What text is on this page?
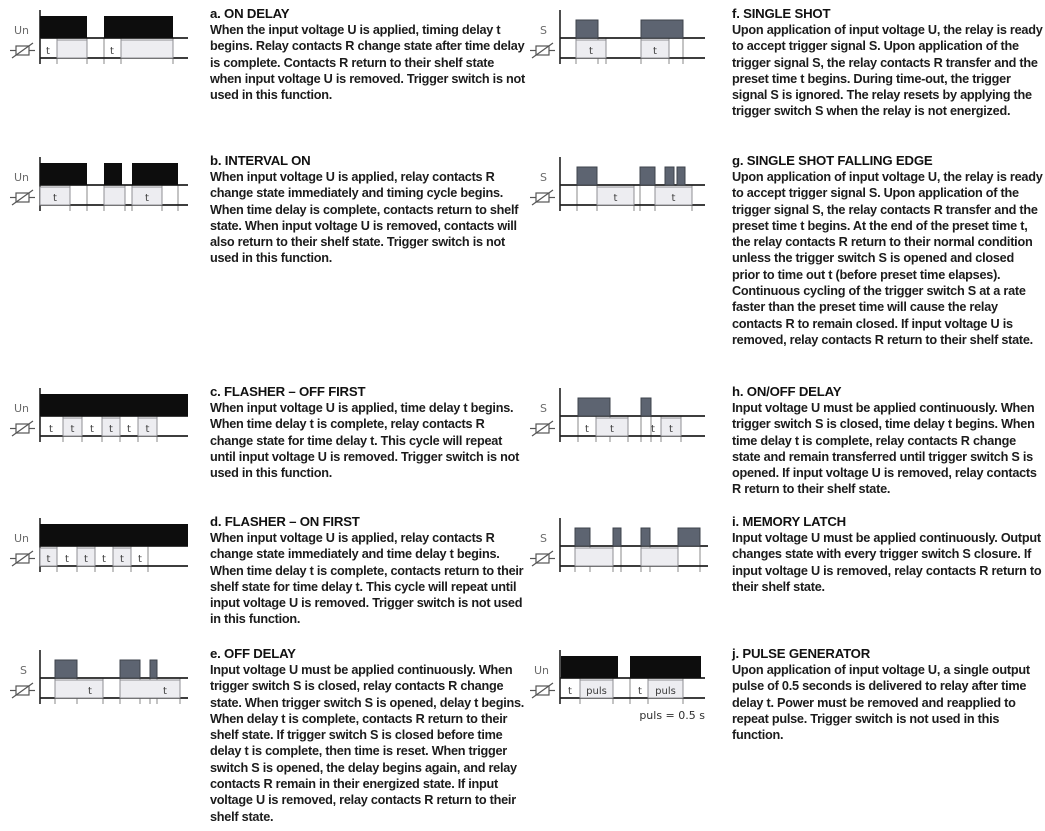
t	t
Un
a. ON DELAY

When the input voltage U is applied, timing delay t begins. Relay contacts R change state after time delay is complete. Contacts R return to their shelf state when input voltage U is removed. Trigger switch is not used in this function.

t	t
Un
b. INTERVAL ON

When input voltage U is applied, relay contacts R change state immediately and timing cycle begins. When time delay is complete, contacts return to shelf state. When input voltage U is removed, contacts will also return to their shelf state. Trigger switch is not used in this function.

t	t	t
t	t	t
Un
c. FLASHER – OFF FIRST

When input voltage U is applied, time delay t begins. When time delay t is complete, relay contacts R change state for time delay t. This cycle will repeat until input voltage U is removed. Trigger switch is not used in this function.

t	t	t
t	t	t
Un
d. FLASHER – ON FIRST

When input voltage U is applied, relay contacts R change state immediately and time delay t begins. When time delay t is complete, contacts return to their shelf state for time delay t. This cycle will repeat until input voltage U is removed. Trigger switch is not used in this function.

t	t
S
e. OFF DELAY

Input voltage U must be applied continuously. When trigger switch S is closed, relay contacts R change state. When trigger switch S is opened, delay t begins. When delay t is complete, contacts R return to their shelf state. If trigger switch S is closed before time delay t is complete, then time is reset. When trigger switch S is opened, the delay begins again, and relay contacts R remain in their energized state. If input voltage U is removed, relay contacts R return to their shelf state.

t	t
S
f. SINGLE SHOT

Upon application of input voltage U, the relay is ready to accept trigger signal S. Upon application of the trigger signal S, the relay contacts R transfer and the preset time t begins. During time-out, the trigger signal S is ignored. The relay resets by applying the trigger switch S when the relay is not energized.

t	t
S
g. SINGLE SHOT FALLING EDGE

Upon application of input voltage U, the relay is ready to accept trigger signal S. Upon application of the trigger signal S, the relay contacts R transfer and the preset time t begins. At the end of the preset time t, the relay contacts R return to their normal condition unless the trigger switch S is opened and closed prior to time out t (before preset time elapses). Continuous cycling of the trigger switch S at a rate faster than the preset time will cause the relay contacts R to remain closed. If input voltage U is removed, relay contacts R return to their shelf state.

t	t
t	t
S
h. ON/OFF DELAY

Input voltage U must be applied continuously. When trigger switch S is closed, time delay t begins. When time delay t is complete, relay contacts R change state and remain transferred until trigger switch S is opened. If input voltage U is removed, relay contacts R return to their shelf state.

S
i. MEMORY LATCH

Input voltage U must be applied continuously. Output changes state with every trigger switch S closure. If input voltage U is removed, relay contacts R return to their shelf state.

puls	puls
t	t
Un
puls = 0.5 s
j. PULSE GENERATOR

Upon application of input voltage U, a single output pulse of 0.5 seconds is delivered to relay after time delay t. Power must be removed and reapplied to repeat pulse. Trigger switch is not used in this function.
